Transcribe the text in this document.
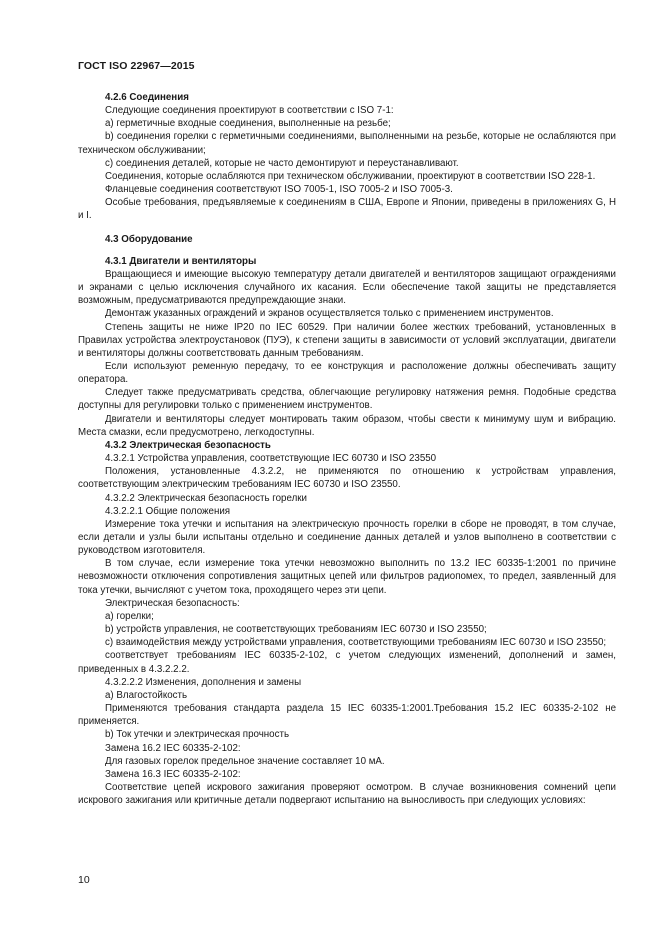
ГОСТ ISO 22967—2015

4.2.6 Соединения

Следующие соединения проектируют в соответствии с ISO 7-1:

а) герметичные входные соединения, выполненные на резьбе;

b) соединения горелки с герметичными соединениями, выполненными на резьбе, которые не ослабляются при техническом обслуживании;

с) соединения деталей, которые не часто демонтируют и переустанавливают.

Соединения, которые ослабляются при техническом обслуживании, проектируют в соответствии ISO 228-1.

Фланцевые соединения соответствуют ISO 7005-1, ISO 7005-2 и ISO 7005-3.

Особые требования, предъявляемые к соединениям в США, Европе и Японии, приведены в приложениях G, H и I.

4.3 Оборудование

4.3.1 Двигатели и вентиляторы

Вращающиеся и имеющие высокую температуру детали двигателей и вентиляторов защищают ограждениями и экранами с целью исключения случайного их касания. Если обеспечение такой защиты не представляется возможным, предусматриваются предупреждающие знаки.

Демонтаж указанных ограждений и экранов осуществляется только с применением инструментов.

Степень защиты не ниже IP20 по IEC 60529. При наличии более жестких требований, установленных в Правилах устройства электроустановок (ПУЭ), к степени защиты в зависимости от условий эксплуатации, двигатели и вентиляторы должны соответствовать данным требованиям.

Если используют ременную передачу, то ее конструкция и расположение должны обеспечивать защиту оператора.

Следует также предусматривать средства, облегчающие регулировку натяжения ремня. Подобные средства доступны для регулировки только с применением инструментов.

Двигатели и вентиляторы следует монтировать таким образом, чтобы свести к минимуму шум и вибрацию. Места смазки, если предусмотрено, легкодоступны.

4.3.2 Электрическая безопасность

4.3.2.1 Устройства управления, соответствующие IEC 60730 и ISO 23550

Положения, установленные 4.3.2.2, не применяются по отношению к устройствам управления, соответствующим электрическим требованиям IEC 60730 и ISO 23550.

4.3.2.2 Электрическая безопасность горелки

4.3.2.2.1 Общие положения

Измерение тока утечки и испытания на электрическую прочность горелки в сборе не проводят, в том случае, если детали и узлы были испытаны отдельно и соединение данных деталей и узлов выполнено в соответствии с руководством изготовителя.

В том случае, если измерение тока утечки невозможно выполнить по 13.2 IEC 60335-1:2001 по причине невозможности отключения сопротивления защитных цепей или фильтров радиопомех, то предел, заявленный для тока утечки, вычисляют с учетом тока, проходящего через эти цепи.

Электрическая безопасность:

а) горелки;

b) устройств управления, не соответствующих требованиям IEC 60730 и ISO 23550;

с) взаимодействия между устройствами управления, соответствующими требованиям IEC 60730 и ISO 23550;

соответствует требованиям IEC 60335-2-102, с учетом следующих изменений, дополнений и замен, приведенных в 4.3.2.2.2.

4.3.2.2.2 Изменения, дополнения и замены

а) Влагостойкость

Применяются требования стандарта раздела 15 IEC 60335-1:2001.Требования 15.2 IEC 60335-2-102 не применяется.

b) Ток утечки и электрическая прочность

Замена 16.2 IEC 60335-2-102:

Для газовых горелок предельное значение составляет 10 мА.

Замена 16.3 IEC 60335-2-102:

Соответствие цепей искрового зажигания проверяют осмотром. В случае возникновения сомнений цепи искрового зажигания или критичные детали подвергают испытанию на выносливость при следующих условиях:

10
